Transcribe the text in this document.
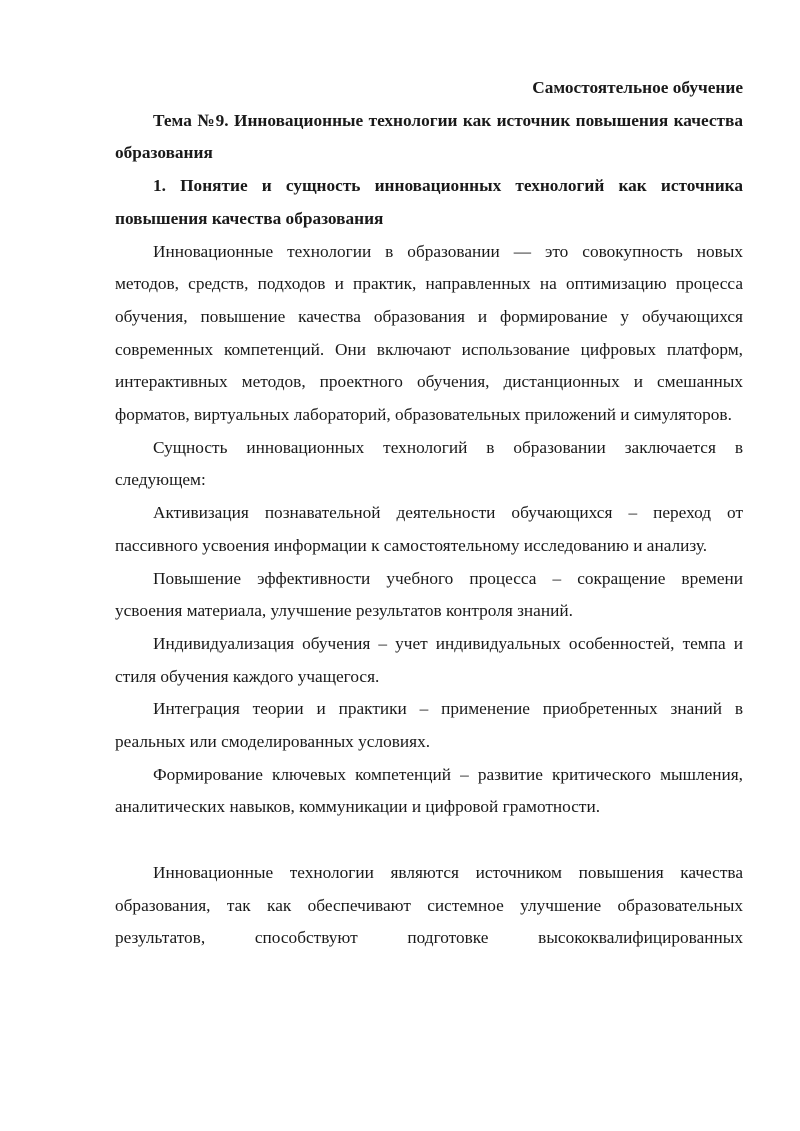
Самостоятельное обучение

Тема №9. Инновационные технологии как источник повышения качества образования

1. Понятие и сущность инновационных технологий как источника повышения качества образования

Инновационные технологии в образовании — это совокупность новых методов, средств, подходов и практик, направленных на оптимизацию процесса обучения, повышение качества образования и формирование у обучающихся современных компетенций. Они включают использование цифровых платформ, интерактивных методов, проектного обучения, дистанционных и смешанных форматов, виртуальных лабораторий, образовательных приложений и симуляторов.

Сущность инновационных технологий в образовании заключается в следующем:

Активизация познавательной деятельности обучающихся – переход от пассивного усвоения информации к самостоятельному исследованию и анализу.

Повышение эффективности учебного процесса – сокращение времени усвоения материала, улучшение результатов контроля знаний.

Индивидуализация обучения – учет индивидуальных особенностей, темпа и стиля обучения каждого учащегося.

Интеграция теории и практики – применение приобретенных знаний в реальных или смоделированных условиях.

Формирование ключевых компетенций – развитие критического мышления, аналитических навыков, коммуникации и цифровой грамотности.

Инновационные технологии являются источником повышения качества образования, так как обеспечивают системное улучшение образовательных результатов, способствуют подготовке высококвалифицированных
